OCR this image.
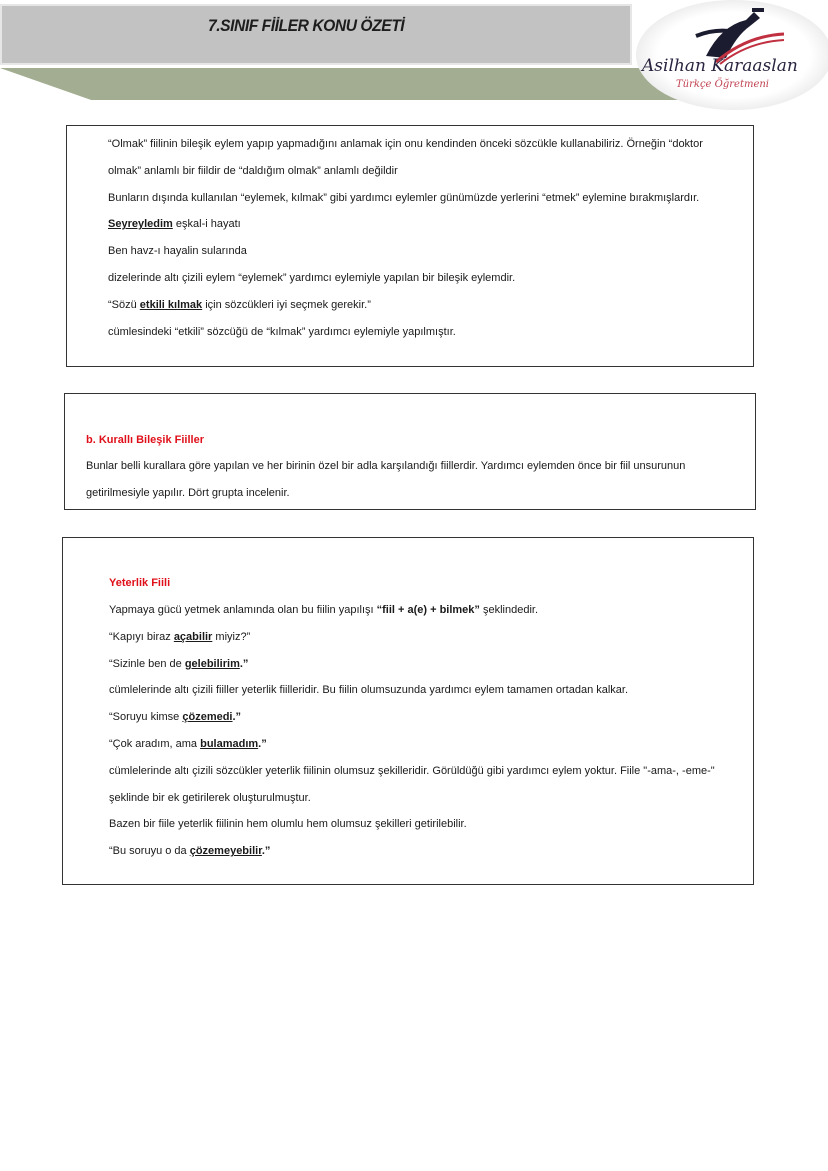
7.SINIF FİİLER KONU ÖZETİ
Asilhan Karaaslan
Türkçe Öğretmeni
“Olmak” fiilinin bileşik eylem yapıp yapmadığını anlamak için onu kendinden önceki sözcükle kullanabiliriz. Örneğin “doktor
olmak” anlamlı bir fiildir de “daldığım olmak” anlamlı değildir
Bunların dışında kullanılan “eylemek, kılmak” gibi yardımcı eylemler günümüzde yerlerini “etmek” eylemine bırakmışlardır.
Seyreyledim eşkal-i hayatı
Ben havz-ı hayalin sularında
dizelerinde altı çizili eylem “eylemek” yardımcı eylemiyle yapılan bir bileşik eylemdir.
“Sözü etkili kılmak için sözcükleri iyi seçmek gerekir.”
cümlesindeki “etkili” sözcüğü de “kılmak” yardımcı eylemiyle yapılmıştır.
b. Kurallı Bileşik Fiiller
Bunlar belli kurallara göre yapılan ve her birinin özel bir adla karşılandığı fiillerdir. Yardımcı eylemden önce bir fiil unsurunun
getirilmesiyle yapılır. Dört grupta incelenir.
Yeterlik Fiili
Yapmaya gücü yetmek anlamında olan bu fiilin yapılışı “fiil + a(e) + bilmek” şeklindedir.
“Kapıyı biraz açabilir miyiz?”
“Sizinle ben de gelebilirim.”
cümlelerinde altı çizili fiiller yeterlik fiilleridir. Bu fiilin olumsuzunda yardımcı eylem tamamen ortadan kalkar.
“Soruyu kimse çözemedi.”
“Çok aradım, ama bulamadım.”
cümlelerinde altı çizili sözcükler yeterlik fiilinin olumsuz şekilleridir. Görüldüğü gibi yardımcı eylem yoktur. Fiile "-ama-, -eme-"
şeklinde bir ek getirilerek oluşturulmuştur.
Bazen bir fiile yeterlik fiilinin hem olumlu hem olumsuz şekilleri getirilebilir.
“Bu soruyu o da çözemeyebilir.”
